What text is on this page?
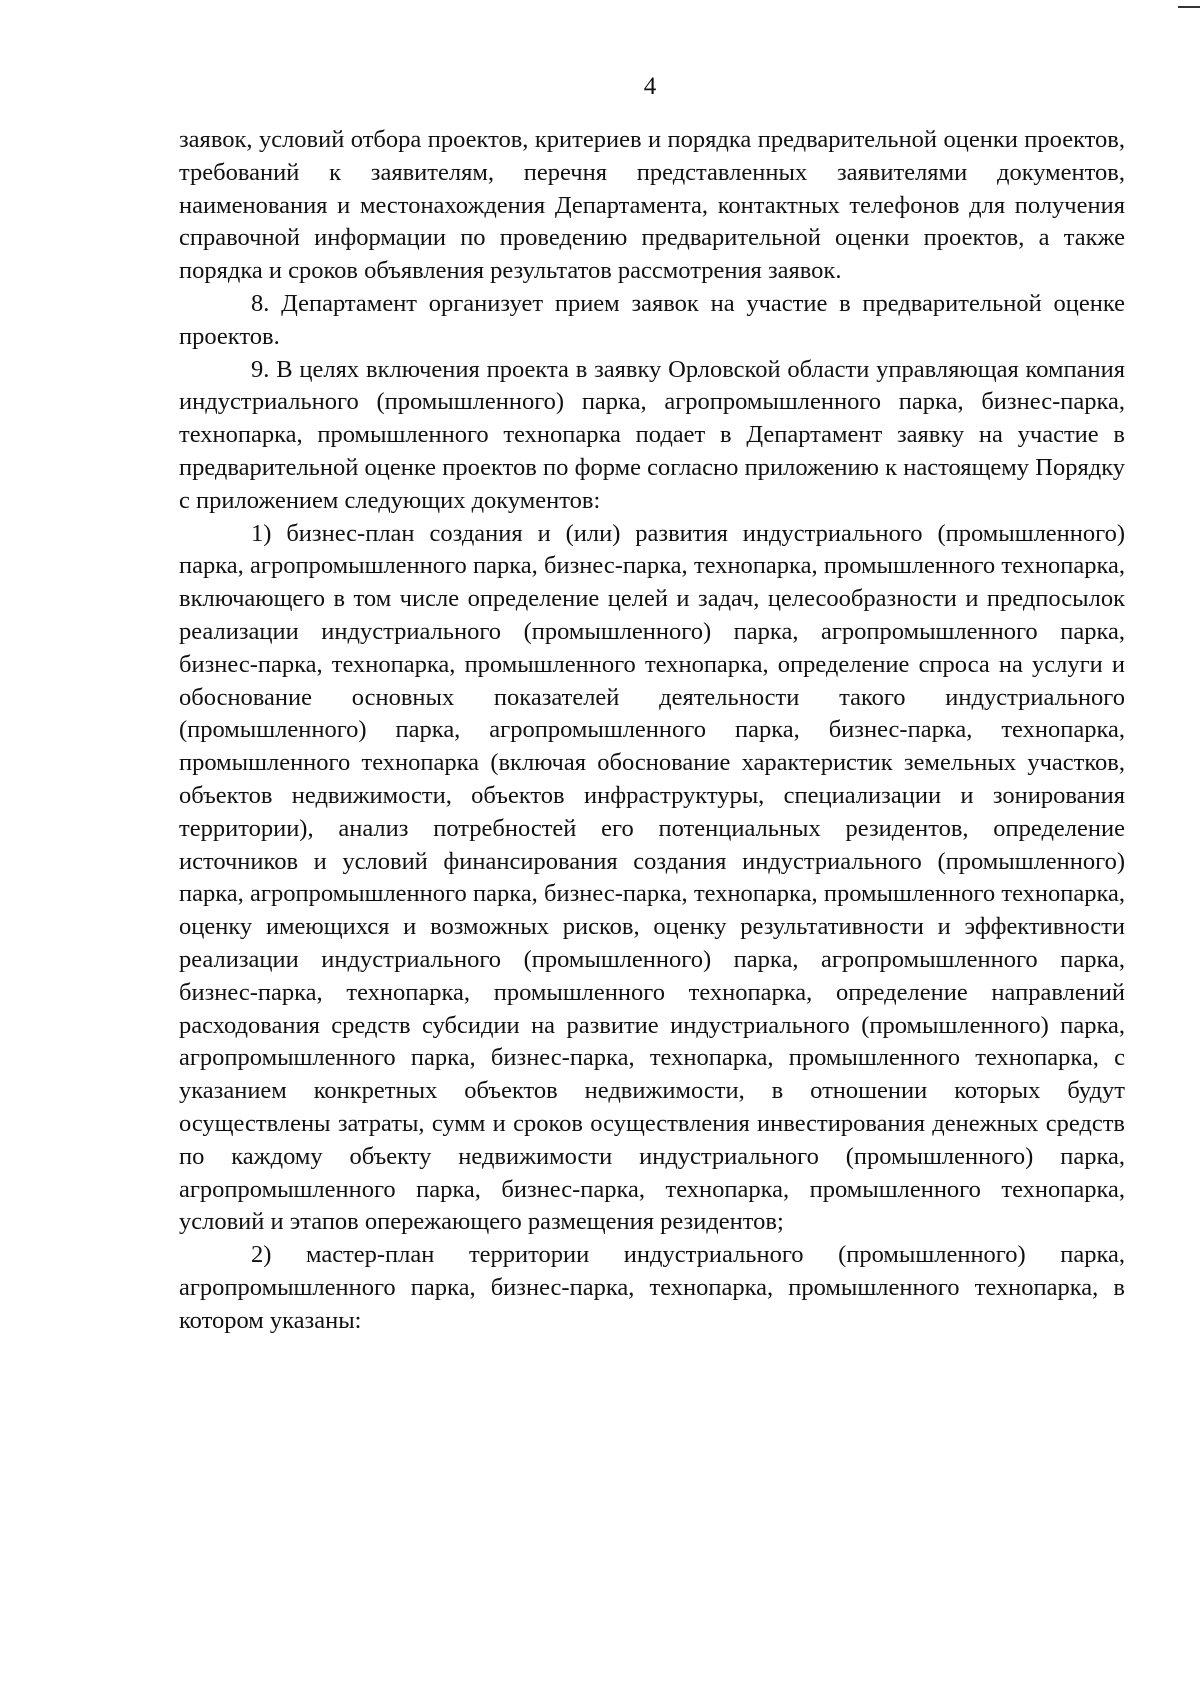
4

заявок, условий отбора проектов, критериев и порядка предварительной оценки проектов, требований к заявителям, перечня представленных заявителями документов, наименования и местонахождения Департамента, контактных телефонов для получения справочной информации по проведению предварительной оценки проектов, а также порядка и сроков объявления результатов рассмотрения заявок.

8. Департамент организует прием заявок на участие в предварительной оценке проектов.

9. В целях включения проекта в заявку Орловской области управляющая компания индустриального (промышленного) парка, агропромышленного парка, бизнес-парка, технопарка, промышленного технопарка подает в Департамент заявку на участие в предварительной оценке проектов по форме согласно приложению к настоящему Порядку с приложением следующих документов:

1) бизнес-план создания и (или) развития индустриального (промышленного) парка, агропромышленного парка, бизнес-парка, технопарка, промышленного технопарка, включающего в том числе определение целей и задач, целесообразности и предпосылок реализации индустриального (промышленного) парка, агропромышленного парка, бизнес-парка, технопарка, промышленного технопарка, определение спроса на услуги и обоснование основных показателей деятельности такого индустриального (промышленного) парка, агропромышленного парка, бизнес-парка, технопарка, промышленного технопарка (включая обоснование характеристик земельных участков, объектов недвижимости, объектов инфраструктуры, специализации и зонирования территории), анализ потребностей его потенциальных резидентов, определение источников и условий финансирования создания индустриального (промышленного) парка, агропромышленного парка, бизнес-парка, технопарка, промышленного технопарка, оценку имеющихся и возможных рисков, оценку результативности и эффективности реализации индустриального (промышленного) парка, агропромышленного парка, бизнес-парка, технопарка, промышленного технопарка, определение направлений расходования средств субсидии на развитие индустриального (промышленного) парка, агропромышленного парка, бизнес-парка, технопарка, промышленного технопарка, с указанием конкретных объектов недвижимости, в отношении которых будут осуществлены затраты, сумм и сроков осуществления инвестирования денежных средств по каждому объекту недвижимости индустриального (промышленного) парка, агропромышленного парка, бизнес-парка, технопарка, промышленного технопарка, условий и этапов опережающего размещения резидентов;

2) мастер-план территории индустриального (промышленного) парка, агропромышленного парка, бизнес-парка, технопарка, промышленного технопарка, в котором указаны:
